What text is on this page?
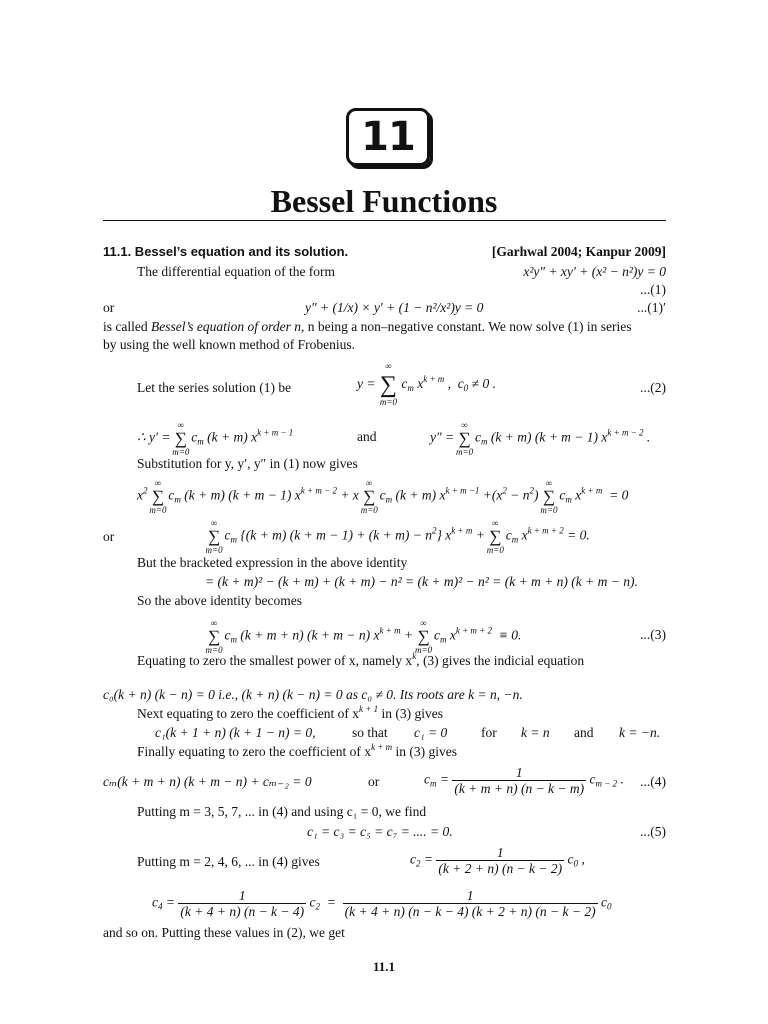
11
Bessel Functions
11.1. Bessel’s equation and its solution.	[Garhwal 2004; Kanpur 2009]
The differential equation of the form	x²y″ + xy′ + (x² − n²)y = 0
...(1)
or	y″ + (1/x) × y′ + (1 − n²/x²)y = 0	...(1)′
is called Bessel’s equation of order n, n being a non–negative constant. We now solve (1) in series
by using the well known method of Frobenius.
Let the series solution (1) be	y =
∞
∑
m=0
$c_m$ $x^{k + m}$ ,  $c_0 \ne 0$ .	...(2)
∴ y′ =
∞
∑
m=0
$c_m$ (k + m) $x^{k + m - 1}$	and	y″ =
∞
∑
m=0
$c_m$ (k + m) (k + m − 1) $x^{k + m - 2}$ .
Substitution for y, y′, y″ in (1) now gives
$x^2$
∞
∑
m=0
$c_m$ (k + m) (k + m − 1) $x^{k + m - 2} + x$
∞
∑
m=0
$c_m$ (k + m) $x^{k + m -1} +(x^2 - n^2)$
∞
∑
m=0
$c_m$ $x^{k + m} = 0$
or
∞
∑
m=0
$c_m$ {(k + m) $(k + m - 1) + (k + m) - n^2$} $x^{k + m}$ +
∞
∑
m=0
$c_m$ $x^{k + m + 2} = 0$.
But the bracketed expression in the above identity
= (k + m)² − (k + m) + (k + m) − n² = (k + m)² − n² = (k + m + n) (k + m − n).
So the above identity becomes
∞
∑
m=0
$c_m$ (k + m + n) (k + m − n) $x^{k + m}$ +
∞
∑
m=0
$c_m$ $x^{k + m + 2} \equiv 0$.	...(3)
Equating to zero the smallest power of x, namely $x^k$, (3) gives the indicial equation
c₀(k + n) (k − n) = 0 i.e., (k + n) (k − n) = 0 as c₀ ≠ 0. Its roots are k = n, −n.
Next equating to zero the coefficient of $x^{k + 1}$ in (3) gives
c₁(k + 1 + n) (k + 1 − n) = 0,	so that c₁ = 0 for k = n and k = −n.
Finally equating to zero the coefficient of $x^{k + m}$ in (3) gives
cₘ(k + m + n) (k + m − n) + cₘ₋₂ = 0	or	$c_m = \frac{1}{(k + m + n) (n - k - m)} c_{m - 2}$ . ...(4)
Putting m = 3, 5, 7, ... in (4) and using c₁ = 0, we find
c₁ = c₃ = c₅ = c₇ = .... = 0.	...(5)
Putting m = 2, 4, 6, ... in (4) gives	$c_2 = \frac{1}{(k + 2 + n) (n - k - 2)} c_0$ ,
$c_4 = \frac{1}{(k + 4 + n) (n - k - 4)} c_2 = \frac{1}{(k + 4 + n) (n - k - 4) (k + 2 + n) (n - k - 2)} c_0$
and so on. Putting these values in (2), we get
11.1
